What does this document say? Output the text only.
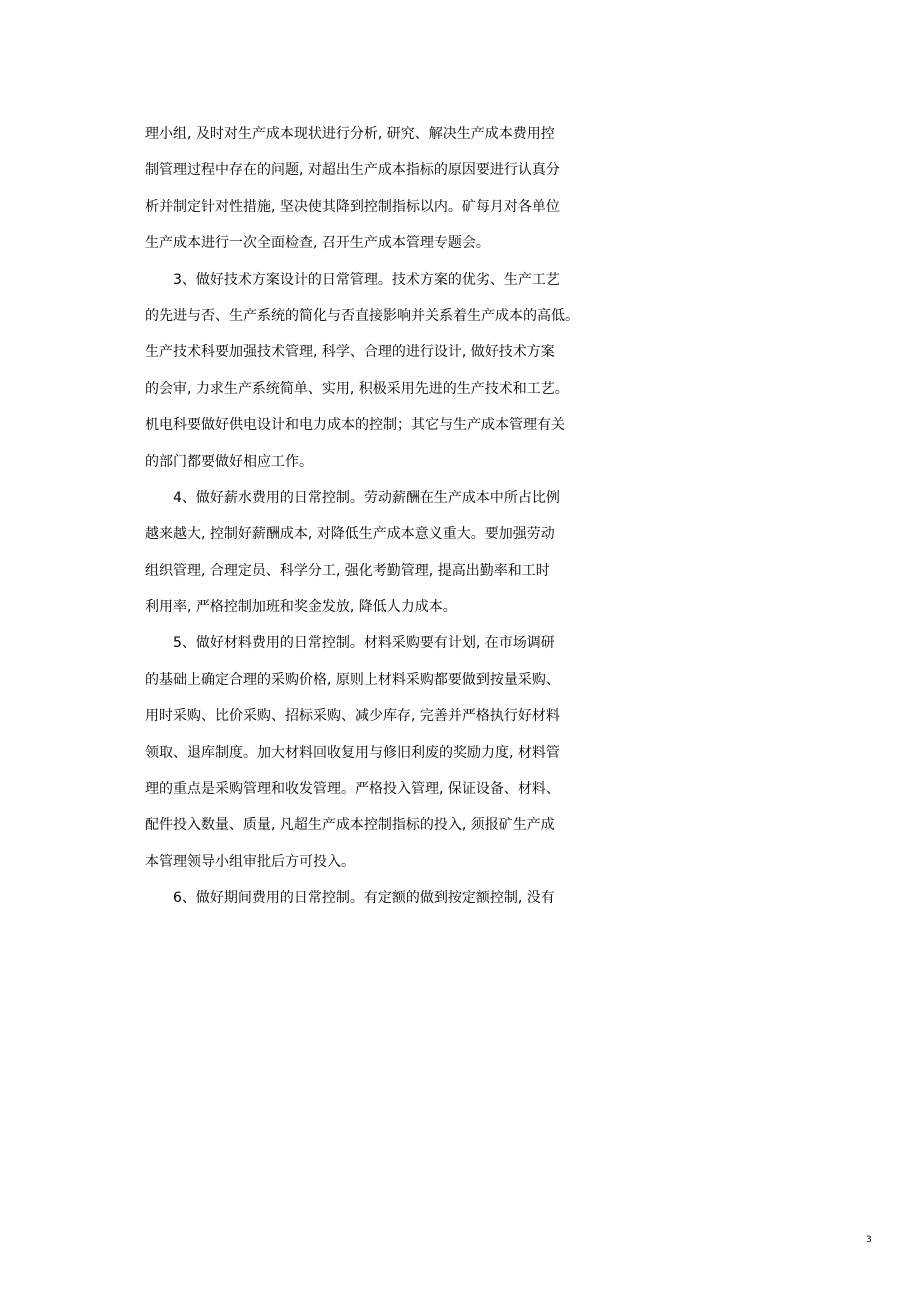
理小组, 及时对生产成本现状进行分析, 研究、解决生产成本费用控
制管理过程中存在的问题, 对超出生产成本指标的原因要进行认真分
析并制定针对性措施, 坚决使其降到控制指标以内。矿每月对各单位
生产成本进行一次全面检查, 召开生产成本管理专题会。
　　3、做好技术方案设计的日常管理。技术方案的优劣、生产工艺
的先进与否、生产系统的简化与否直接影响并关系着生产成本的高低。
生产技术科要加强技术管理, 科学、合理的进行设计, 做好技术方案
的会审, 力求生产系统简单、实用, 积极采用先进的生产技术和工艺。
机电科要做好供电设计和电力成本的控制；其它与生产成本管理有关
的部门都要做好相应工作。
　　4、做好薪水费用的日常控制。劳动薪酬在生产成本中所占比例
越来越大, 控制好薪酬成本, 对降低生产成本意义重大。要加强劳动
组织管理, 合理定员、科学分工, 强化考勤管理, 提高出勤率和工时
利用率, 严格控制加班和奖金发放, 降低人力成本。
　　5、做好材料费用的日常控制。材料采购要有计划, 在市场调研
的基础上确定合理的采购价格, 原则上材料采购都要做到按量采购、
用时采购、比价采购、招标采购、减少库存, 完善并严格执行好材料
领取、退库制度。加大材料回收复用与修旧利废的奖励力度, 材料管
理的重点是采购管理和收发管理。严格投入管理, 保证设备、材料、
配件投入数量、质量, 凡超生产成本控制指标的投入, 须报矿生产成
本管理领导小组审批后方可投入。
　　6、做好期间费用的日常控制。有定额的做到按定额控制, 没有
3
